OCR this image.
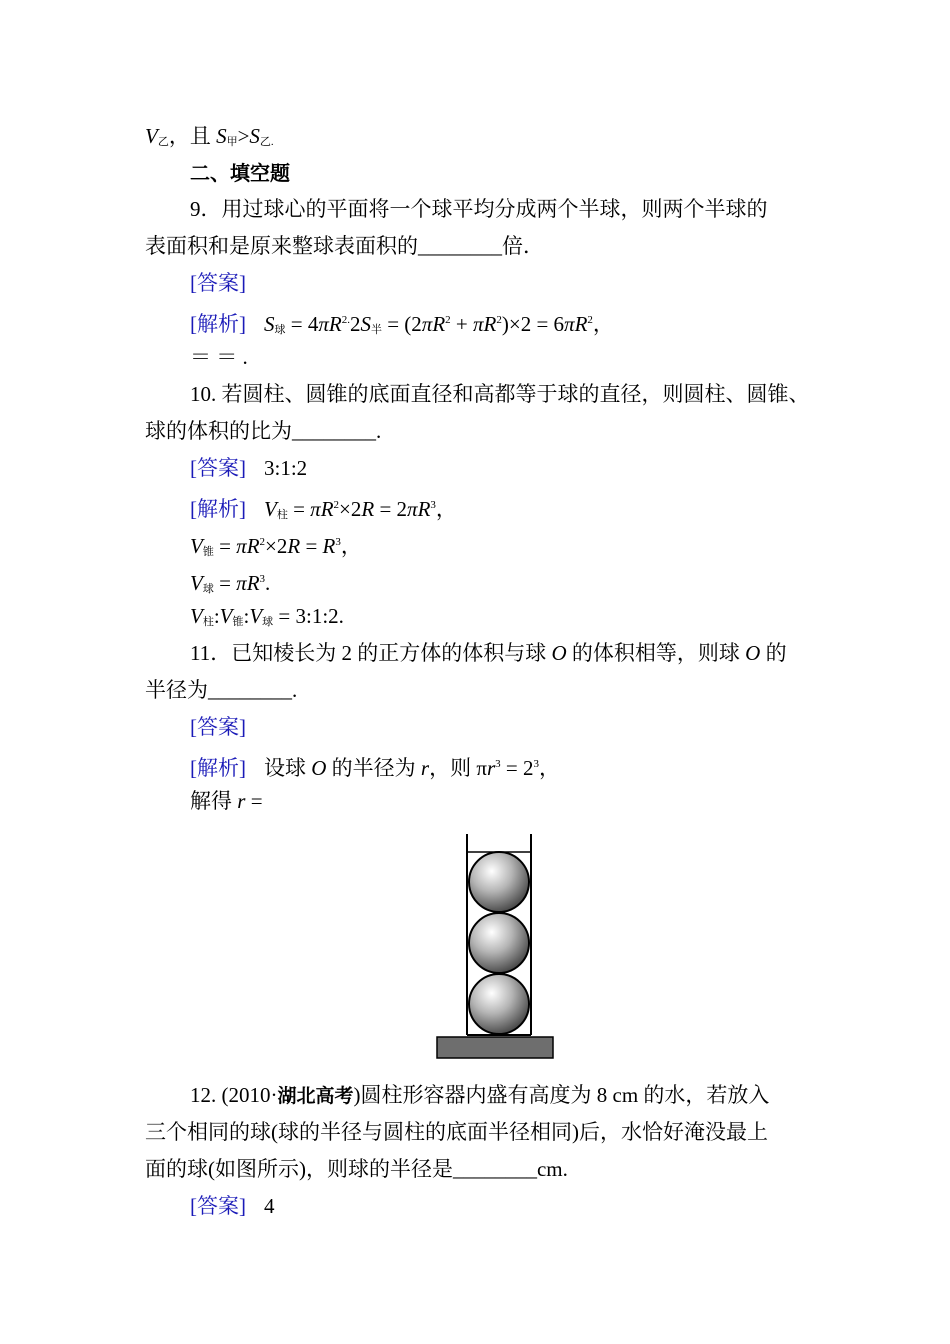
$V_乙$，且 $S_甲>S_{乙.}$
二、填空题
9．用过球心的平面将一个球平均分成两个半球，则两个半球的
表面积和是原来整球表面积的________倍．
[答案]
[解析] $S_球 = 4\pi R^{2.}2S_半 = (2\pi R^2 + \pi R^2)\times 2 = 6\pi R^2$，
＝ ＝ .
10. 若圆柱、圆锥的底面直径和高都等于球的直径，则圆柱、圆锥、
球的体积的比为________.
[答案] 3:1:2
[解析] $V_柱 = \pi R^2\times 2R = 2\pi R^3$，
$V_锥 = \pi R^2\times 2R = R^3$，
$V_球 = \pi R^3$.
$V_柱:V_锥:V_球$ = 3:1:2.
11．已知棱长为 2 的正方体的体积与球 O 的体积相等，则球 O 的
半径为________.
[答案]
[解析] 设球 O 的半径为 r，则 $\pi r^3 = 2^3$，
解得 r =
12. (2010·湖北高考)圆柱形容器内盛有高度为 8 cm 的水，若放入
三个相同的球(球的半径与圆柱的底面半径相同)后，水恰好淹没最上
面的球(如图所示)，则球的半径是________cm.
[答案] 4
